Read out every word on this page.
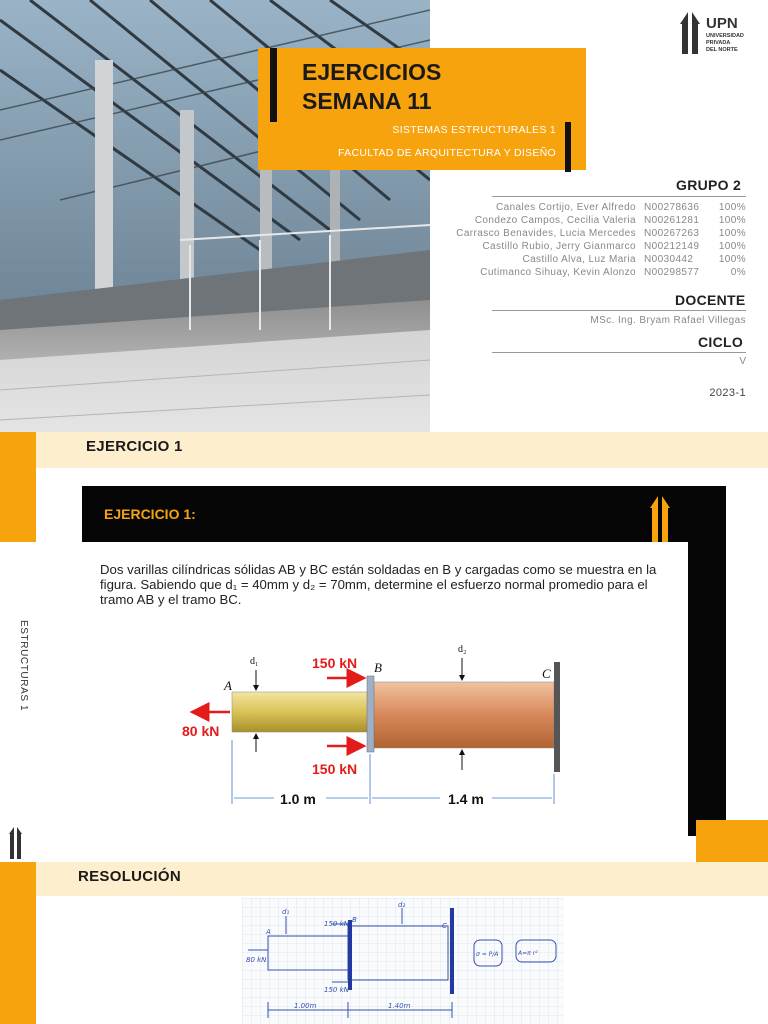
EJERCICIOS
SEMANA 11
SISTEMAS ESTRUCTURALES 1
FACULTAD DE ARQUITECTURA Y DISEÑO
UPN
UNIVERSIDAD
PRIVADA
DEL NORTE
GRUPO 2
Canales Cortijo, Ever Alfredo N00278636 100%
Condezo Campos, Cecilia Valeria N00261281 100%
Carrasco Benavides, Lucia Mercedes N00267263 100%
Castillo Rubio, Jerry Gianmarco N00212149 100%
Castillo Alva, Luz Maria N0030442	100%
Cutimanco Sihuay, Kevin Alonzo N00298577	0%
DOCENTE
MSc. Ing. Bryam Rafael Villegas
CICLO
V
2023-1
EJERCICIO 1
ESTRUCTURAS 1
EJERCICIO 1:
Dos varillas cilíndricas sólidas AB y BC están soldadas en B y cargadas como se muestra en la figura. Sabiendo que d₁ = 40mm y d₂ = 70mm, determine el esfuerzo normal promedio para el tramo AB y el tramo BC.
80 kN
150 kN
150 kN
A
B	C
d₁
d₂
1.0 m	1.4 m
RESOLUCIÓN
80 kN
150 kN
150 kN
A
B
C
d₁
d₂
1.00m	1.40m
σ = P/A	A=π r²
